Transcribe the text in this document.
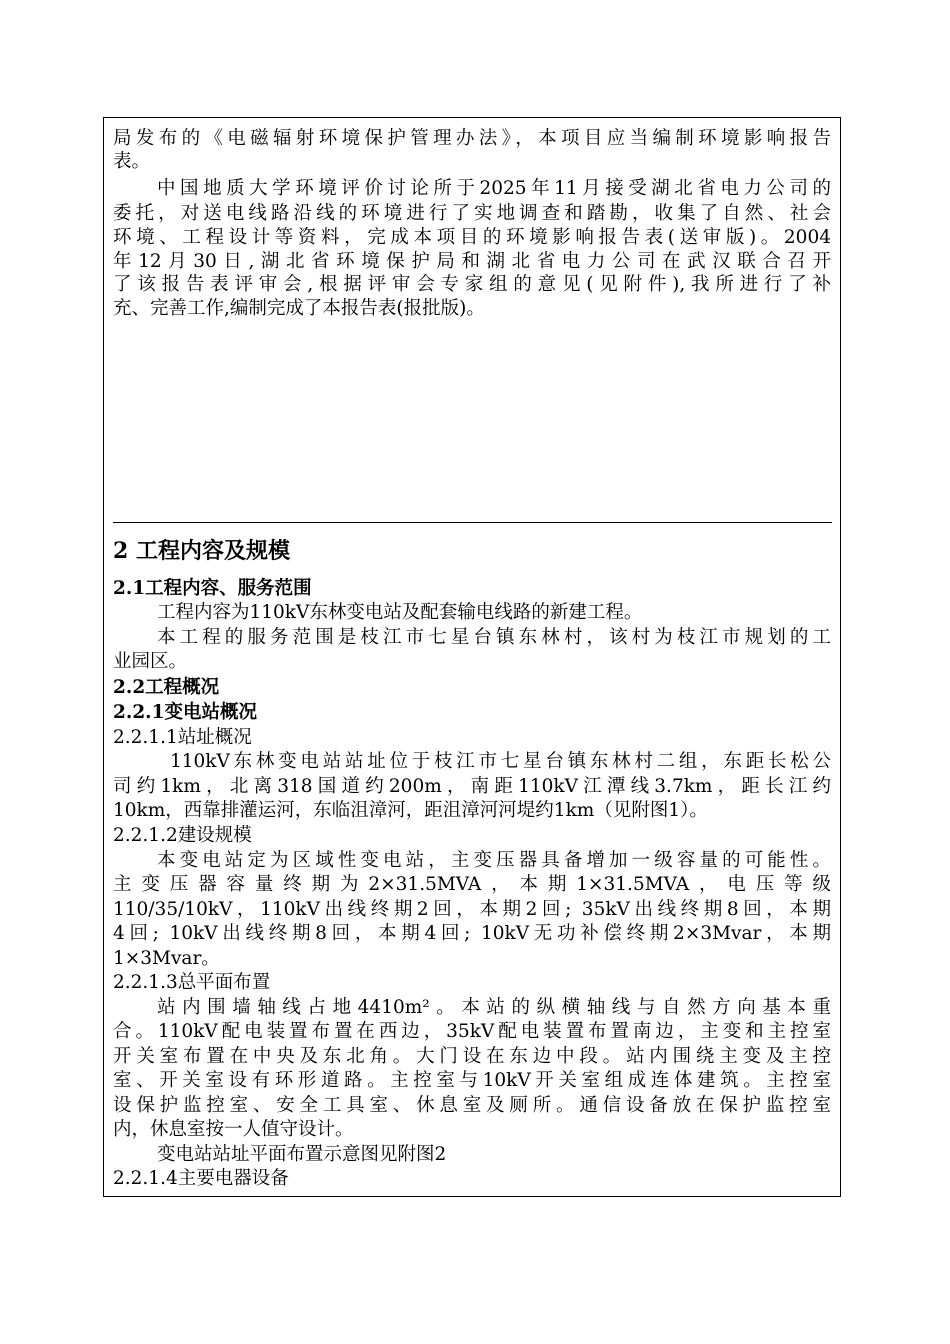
局发布的《电磁辐射环境保护管理办法》，本项目应当编制环境影响报告
表。
中国地质大学环境评价讨论所于2025年11月接受湖北省电力公司的
委托，对送电线路沿线的环境进行了实地调查和踏勘，收集了自然、社会
环境、工程设计等资料，完成本项目的环境影响报告表(送审版)。2004
年12月30日,湖北省环境保护局和湖北省电力公司在武汉联合召开
了该报告表评审会,根据评审会专家组的意见(见附件),我所进行了补
充、完善工作,编制完成了本报告表(报批版)。
2 工程内容及规模
2.1工程内容、服务范围
工程内容为110kV东林变电站及配套输电线路的新建工程。
本工程的服务范围是枝江市七星台镇东林村，该村为枝江市规划的工
业园区。
2.2工程概况
2.2.1变电站概况
2.2.1.1站址概况
110kV东林变电站站址位于枝江市七星台镇东林村二组，东距长松公
司约1km，北离318国道约200m，南距110kV江潭线3.7km，距长江约
10km，西靠排灌运河，东临沮漳河，距沮漳河河堤约1km（见附图1）。
2.2.1.2建设规模
本变电站定为区域性变电站，主变压器具备增加一级容量的可能性。
主变压器容量终期为2×31.5MVA，本期1×31.5MVA，电压等级
110/35/10kV，110kV出线终期2回，本期2回; 35kV出线终期8回，本期
4回; 10kV出线终期8回，本期4回; 10kV无功补偿终期2×3Mvar，本期
1×3Mvar。
2.2.1.3总平面布置
站内围墙轴线占地4410m²。本站的纵横轴线与自然方向基本重
合。110kV配电装置布置在西边，35kV配电装置布置南边，主变和主控室
开关室布置在中央及东北角。大门设在东边中段。站内围绕主变及主控
室、开关室设有环形道路。主控室与10kV开关室组成连体建筑。主控室
设保护监控室、安全工具室、休息室及厕所。通信设备放在保护监控室
内，休息室按一人值守设计。
变电站站址平面布置示意图见附图2
2.2.1.4主要电器设备
